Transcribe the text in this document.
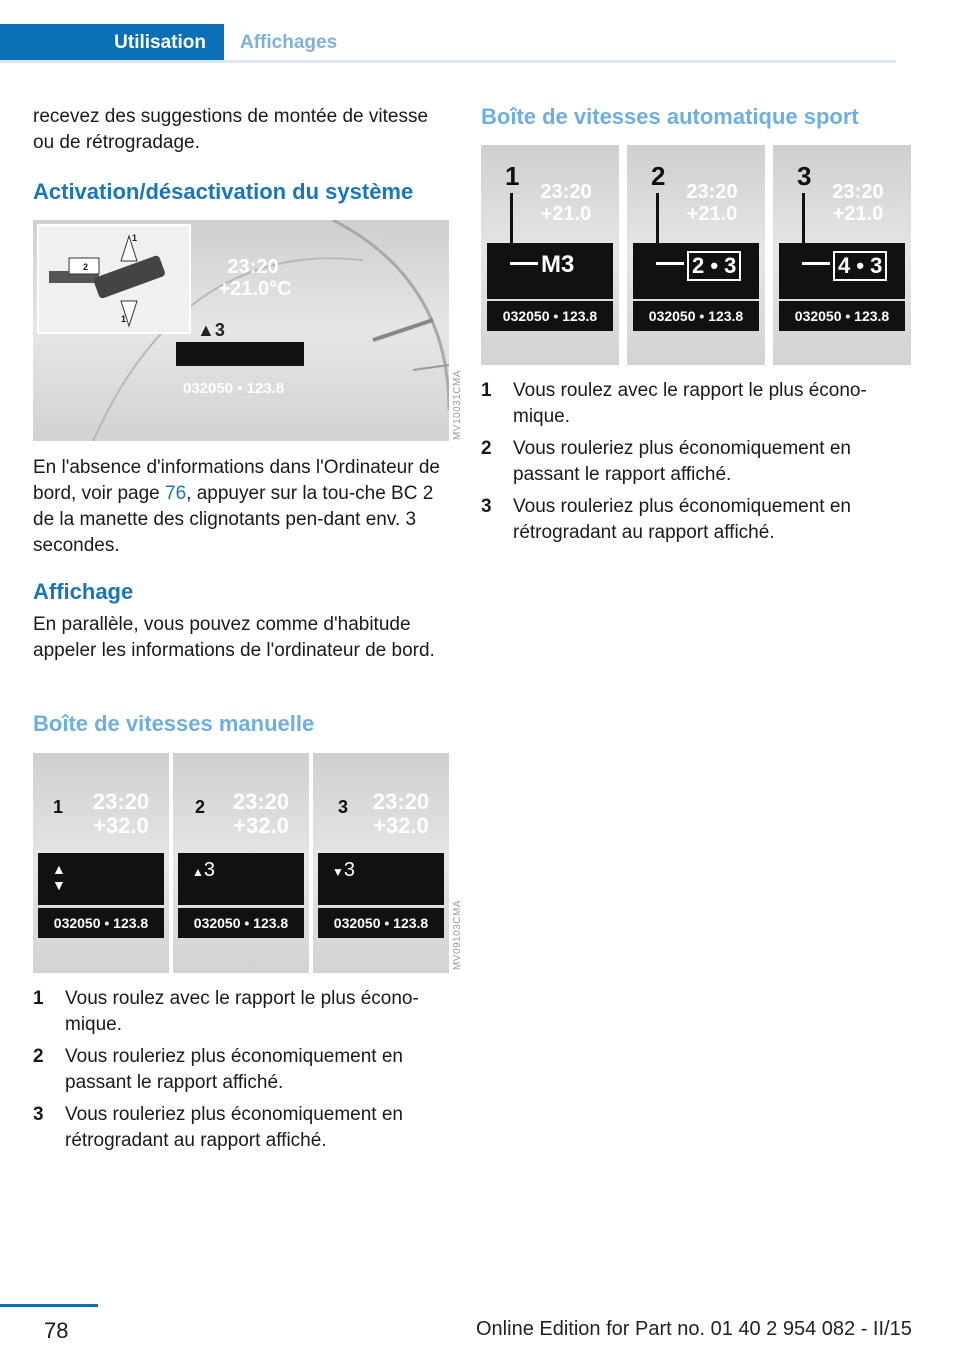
Utilisation	Affichages
recevez des suggestions de montée de vitesse ou de rétrogradage.
Activation/désactivation du système
1
2
1
23:20
+21.0°C
▲3
032050 • 123.8	MV10031CMA
En l'absence d'informations dans l'Ordinateur de bord, voir page 76, appuyer sur la tou‐che BC 2 de la manette des clignotants pen‐dant env. 3 secondes.
Affichage
En parallèle, vous pouvez comme d'habitude appeler les informations de l'ordinateur de bord.
Boîte de vitesses manuelle
23:20
+32.0
1
▲
▼
032050 • 123.8
23:20
+32.0
2
▲3
032050 • 123.8
23:20
+32.0
3
▼3
032050 • 123.8	MV09103CMA
1 Vous roulez avec le rapport le plus écono‐mique.
2 Vous rouleriez plus économiquement en passant le rapport affiché.
3 Vous rouleriez plus économiquement en rétrogradant au rapport affiché.
Boîte de vitesses automatique sport
23:20
+21.0
1
M3
032050 • 123.8
23:20
+21.0
2
2 • 3
032050 • 123.8
23:20
+21.0
3
4 • 3
032050 • 123.8
1 Vous roulez avec le rapport le plus écono‐mique.
2 Vous rouleriez plus économiquement en passant le rapport affiché.
3 Vous rouleriez plus économiquement en rétrogradant au rapport affiché.
78	Online Edition for Part no. 01 40 2 954 082 - II/15
